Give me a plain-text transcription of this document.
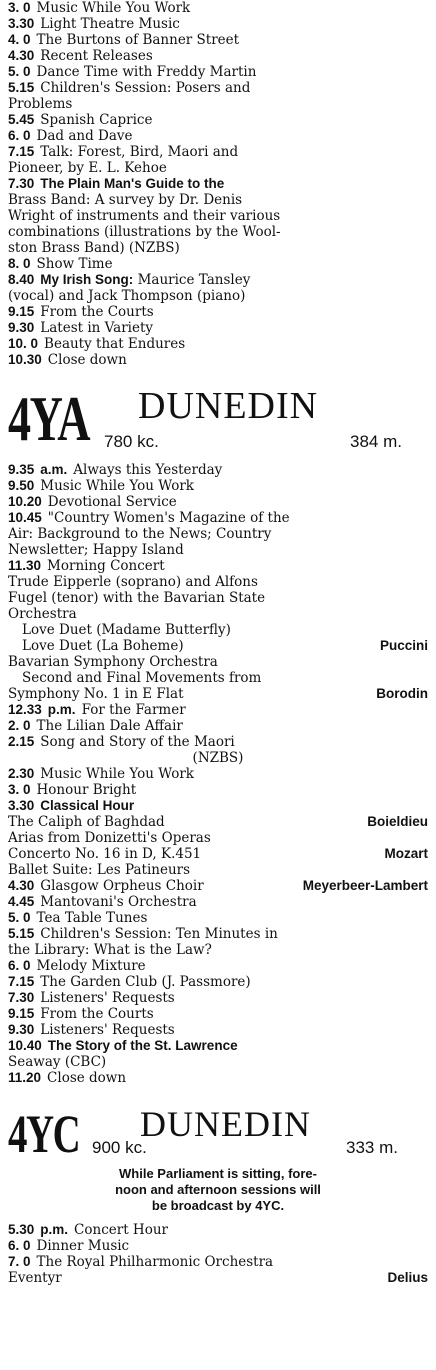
3. 0 Music While You Work
3.30 Light Theatre Music
4. 0 The Burtons of Banner Street
4.30 Recent Releases
5. 0 Dance Time with Freddy Martin
5.15 Children's Session: Posers and
Problems
5.45 Spanish Caprice
6. 0 Dad and Dave
7.15 Talk: Forest, Bird, Maori and
Pioneer, by E. L. Kehoe
7.30 The Plain Man's Guide to the
Brass Band: A survey by Dr. Denis
Wright of instruments and their various
combinations (illustrations by the Wool-
ston Brass Band) (NZBS)
8. 0 Show Time
8.40 My Irish Song: Maurice Tansley
(vocal) and Jack Thompson (piano)
9.15 From the Courts
9.30 Latest in Variety
10. 0 Beauty that Endures
10.30 Close down
4YA DUNEDIN
780 kc.	384 m.
9.35 a.m. Always this Yesterday
9.50 Music While You Work
10.20 Devotional Service
10.45 "Country Women's Magazine of the
Air: Background to the News; Country
Newsletter; Happy Island
11.30 Morning Concert
Trude Eipperle (soprano) and Alfons
Fugel (tenor) with the Bavarian State
Orchestra
Love Duet (Madame Butterfly)
Puccini
Love Duet (La Boheme)
Bavarian Symphony Orchestra
Second and Final Movements from
Borodin
Symphony No. 1 in E Flat
12.33 p.m. For the Farmer
2. 0 The Lilian Dale Affair
2.15 Song and Story of the Maori
(NZBS)
2.30 Music While You Work
3. 0 Honour Bright
3.30 Classical Hour
Boieldieu
The Caliph of Baghdad
Arias from Donizetti's Operas
Mozart
Concerto No. 16 in D, K.451
Ballet Suite: Les Patineurs
Meyerbeer-Lambert
4.30 Glasgow Orpheus Choir
4.45 Mantovani's Orchestra
5. 0 Tea Table Tunes
5.15 Children's Session: Ten Minutes in
the Library: What is the Law?
6. 0 Melody Mixture
7.15 The Garden Club (J. Passmore)
7.30 Listeners' Requests
9.15 From the Courts
9.30 Listeners' Requests
10.40 The Story of the St. Lawrence
Seaway (CBC)
11.20 Close down
4YC DUNEDIN
900 kc.	333 m.
While Parliament is sitting, fore-
noon and afternoon sessions will
be broadcast by 4YC.
5.30 p.m. Concert Hour
6. 0 Dinner Music
7. 0 The Royal Philharmonic Orchestra
Delius
Eventyr
